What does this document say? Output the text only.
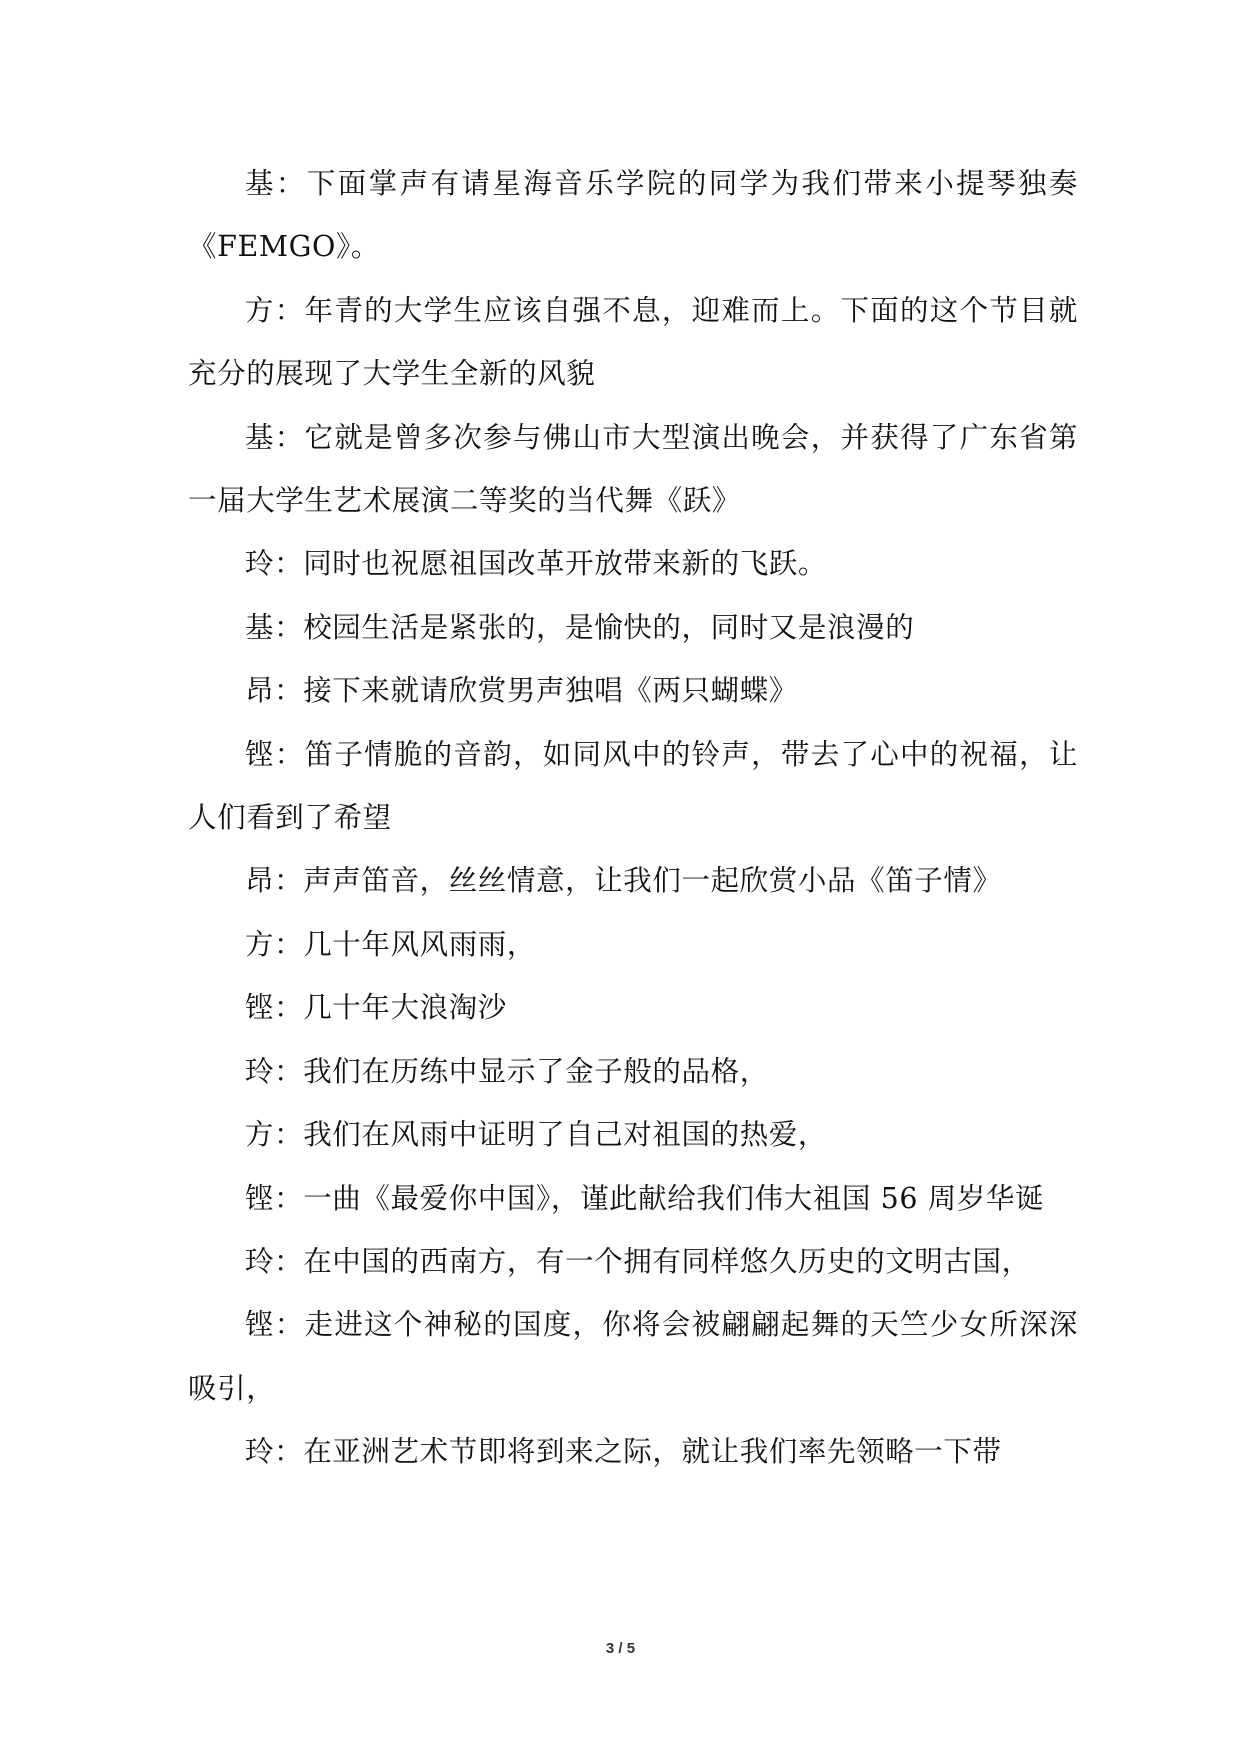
基：下面掌声有请星海音乐学院的同学为我们带来小提琴独奏《FEMGO》。

方：年青的大学生应该自强不息，迎难而上。下面的这个节目就充分的展现了大学生全新的风貌

基：它就是曾多次参与佛山市大型演出晚会，并获得了广东省第一届大学生艺术展演二等奖的当代舞《跃》

玲：同时也祝愿祖国改革开放带来新的飞跃。

基：校园生活是紧张的，是愉快的，同时又是浪漫的

昂：接下来就请欣赏男声独唱《两只蝴蝶》

铿：笛子情脆的音韵，如同风中的铃声，带去了心中的祝福，让人们看到了希望

昂：声声笛音，丝丝情意，让我们一起欣赏小品《笛子情》

方：几十年风风雨雨，

铿：几十年大浪淘沙

玲：我们在历练中显示了金子般的品格，

方：我们在风雨中证明了自己对祖国的热爱，

铿：一曲《最爱你中国》，谨此献给我们伟大祖国 56 周岁华诞

玲：在中国的西南方，有一个拥有同样悠久历史的文明古国，

铿：走进这个神秘的国度，你将会被翩翩起舞的天竺少女所深深吸引，

玲：在亚洲艺术节即将到来之际，就让我们率先领略一下带

3 / 5
